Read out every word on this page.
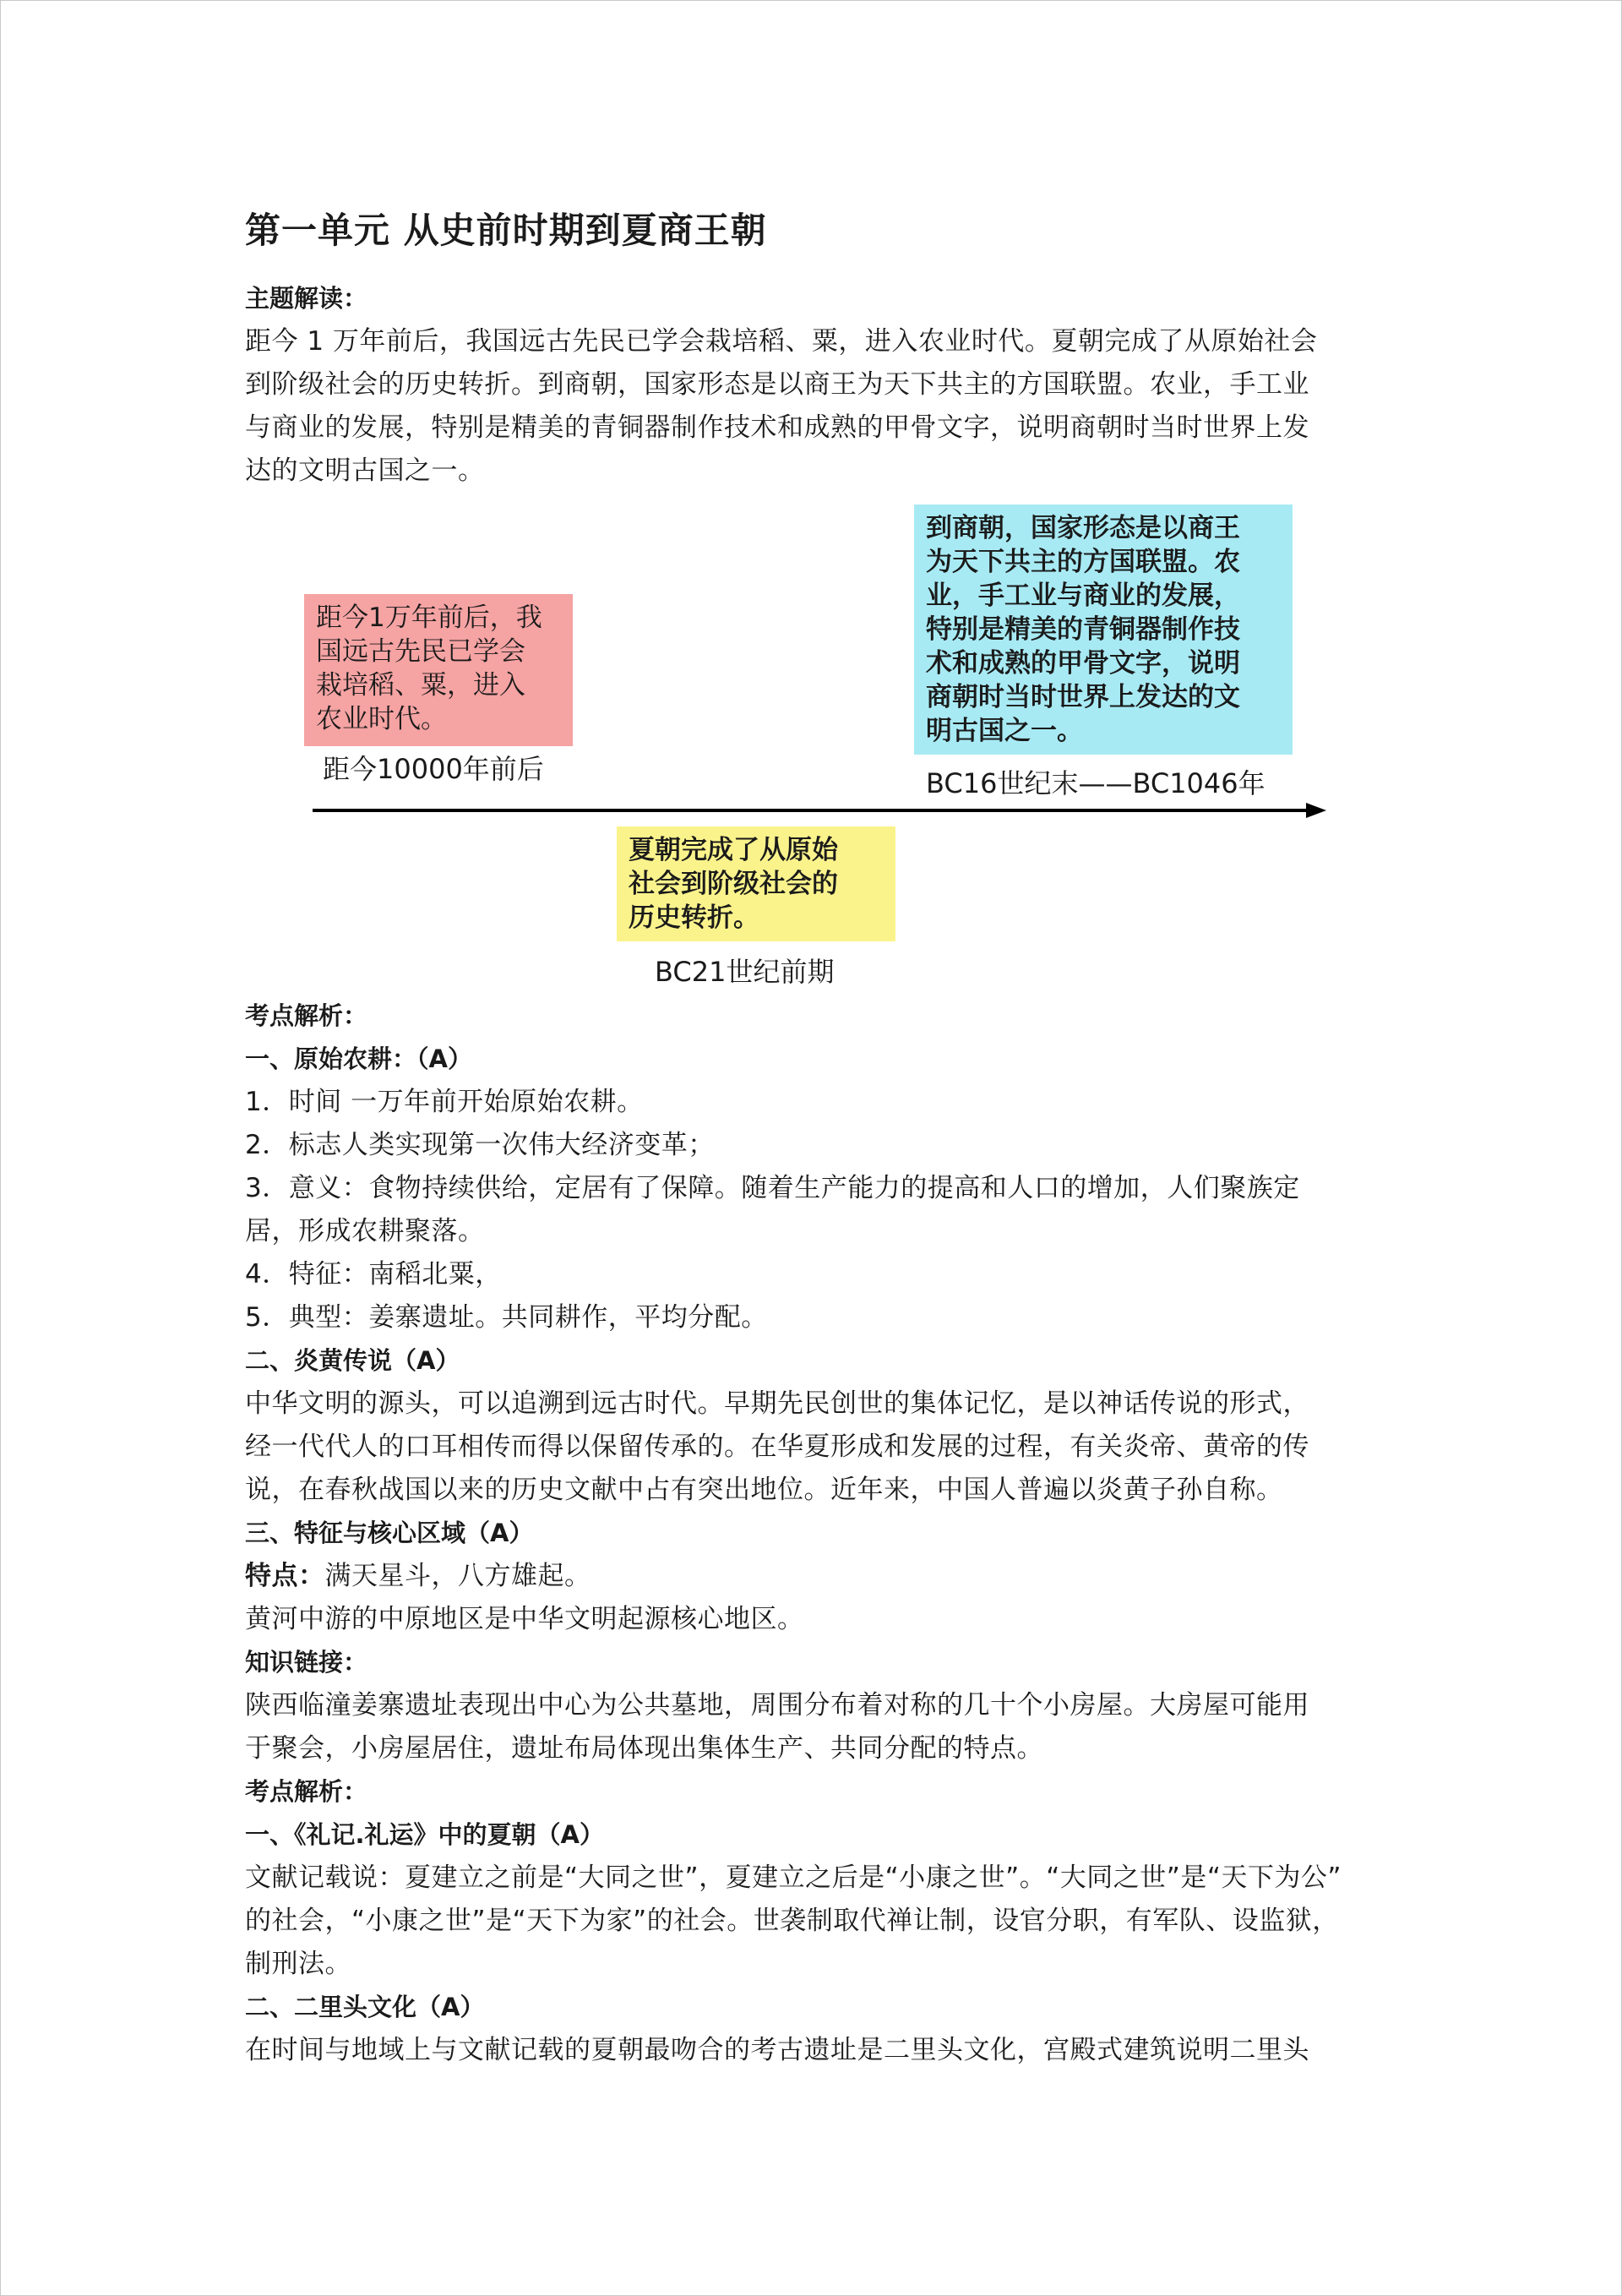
第一单元 从史前时期到夏商王朝

主题解读：

距今 1 万年前后，我国远古先民已学会栽培稻、粟，进入农业时代。夏朝完成了从原始社会

到阶级社会的历史转折。到商朝，国家形态是以商王为天下共主的方国联盟。农业，手工业

与商业的发展，特别是精美的青铜器制作技术和成熟的甲骨文字，说明商朝时当时世界上发

达的文明古国之一。

距今1万年前后，我
国远古先民已学会
栽培稻、粟，进入
农业时代。
距今10000年前后
到商朝，国家形态是以商王
为天下共主的方国联盟。农
业，手工业与商业的发展，
特别是精美的青铜器制作技
术和成熟的甲骨文字，说明
商朝时当时世界上发达的文
明古国之一。
BC16世纪末——BC1046年
夏朝完成了从原始
社会到阶级社会的
历史转折。
BC21世纪前期

考点解析：

一、原始农耕：（A）

1．时间 一万年前开始原始农耕。

2．标志人类实现第一次伟大经济变革；

3．意义：食物持续供给，定居有了保障。随着生产能力的提高和人口的增加，人们聚族定

居，形成农耕聚落。

4．特征：南稻北粟，

5．典型：姜寨遗址。共同耕作，平均分配。

二、炎黄传说（A）

中华文明的源头，可以追溯到远古时代。早期先民创世的集体记忆，是以神话传说的形式，

经一代代人的口耳相传而得以保留传承的。在华夏形成和发展的过程，有关炎帝、黄帝的传

说，在春秋战国以来的历史文献中占有突出地位。近年来，中国人普遍以炎黄子孙自称。

三、特征与核心区域（A）

特点：满天星斗，八方雄起。

黄河中游的中原地区是中华文明起源核心地区。

知识链接：

陕西临潼姜寨遗址表现出中心为公共墓地，周围分布着对称的几十个小房屋。大房屋可能用

于聚会，小房屋居住，遗址布局体现出集体生产、共同分配的特点。

考点解析：

一、《礼记.礼运》中的夏朝（A）

文献记载说：夏建立之前是“大同之世”，夏建立之后是“小康之世”。“大同之世”是“天下为公”

的社会，“小康之世”是“天下为家”的社会。世袭制取代禅让制，设官分职，有军队、设监狱，

制刑法。

二、二里头文化（A）

在时间与地域上与文献记载的夏朝最吻合的考古遗址是二里头文化，宫殿式建筑说明二里头
